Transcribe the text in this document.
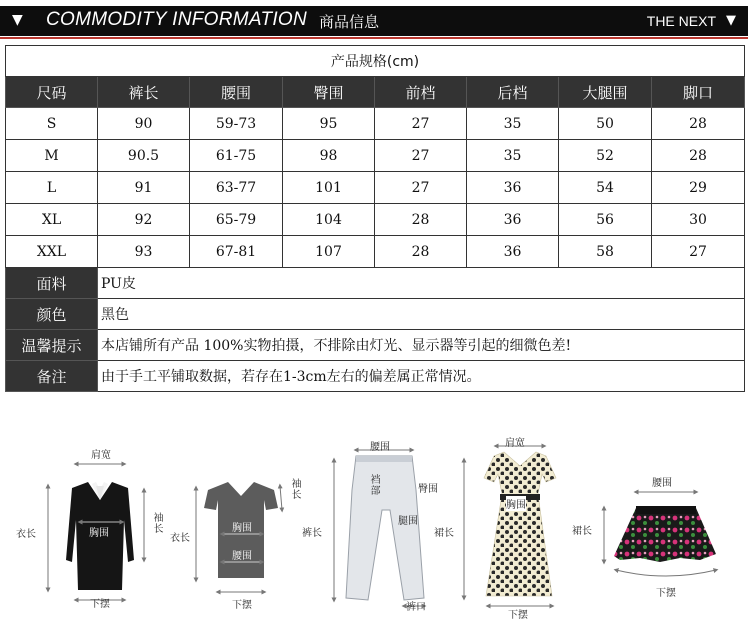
▼ COMMODITY INFORMATION 商品信息	THE NEXT ▼
产品规格(cm)							
尺码	裤长	腰围	臀围	前档	后档	大腿围	脚口
S	90	59-73	95	27	35	50	28
M	90.5	61-75	98	27	35	52	28
L	91	63-77	101	27	36	54	29
XL	92	65-79	104	28	36	56	30
XXL	93	67-81	107	28	36	58	27
面料	PU皮						
颜色	黑色						
温馨提示	本店铺所有产品 100%实物拍摄，不排除由灯光、显示器等引起的细微色差!						
备注	由于手工平铺取数据，若存在1-3cm左右的偏差属正常情况。						
肩宽
衣长
袖长
胸围
下摆
衣长
袖长
胸围
腰围
下摆
腰围
臀围
裆部
腿围
裤长
裤口
肩宽
胸围
裙长
下摆
腰围
裙长
下摆
